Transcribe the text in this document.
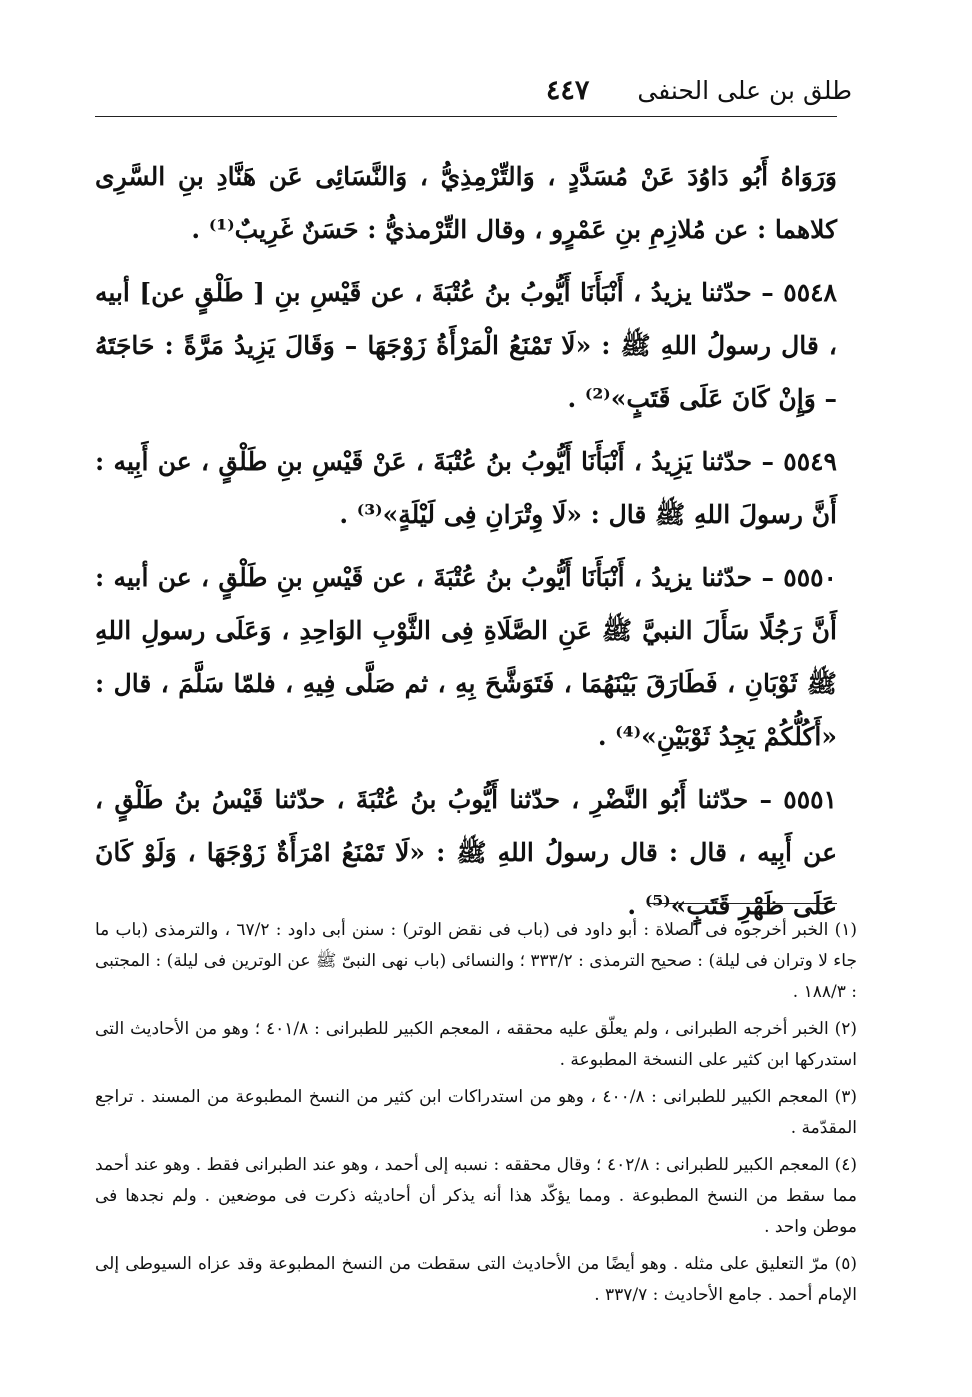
طلق بن على الحنفى
٤٤٧

وَرَوَاهُ أَبُو دَاوُدَ عَنْ مُسَدَّدٍ ، وَالتِّرْمِذِيُّ ، وَالنَّسَائِى عَن هَنَّادِ بنِ السَّرِى كلاهما : عن مُلازِمِ بنِ عَمْرٍو ، وقال التِّرْمذيُّ : حَسَنٌ غَرِيبٌ⁽¹⁾ .

٥٥٤٨ – حدّثنا يزيدُ ، أَنْبَأَنَا أَيُّوبُ بنُ عُتْبَةَ ، عن قَيْسِ بنِ [ طَلْقٍ عن] أبيه ، قال رسولُ اللهِ ﷺ : «لَا تَمْنَعُ الْمَرْأَةُ زَوْجَهَا – وَقَالَ يَزِيدُ مَرَّةً : حَاجَتَهُ – وَإِنْ كَانَ عَلَى قَتَبٍ»⁽²⁾ .

٥٥٤٩ – حدّثنا يَزِيدُ ، أَنْبَأَنَا أَيُّوبُ بنُ عُتْبَةَ ، عَنْ قَيْسِ بنِ طَلْقٍ ، عن أَبِيه : أَنَّ رسولَ اللهِ ﷺ قال : «لَا وِتْرَانِ فِى لَيْلَةٍ»⁽³⁾ .

٥٥٥٠ – حدّثنا يزيدُ ، أَنْبَأَنَا أَيُّوبُ بنُ عُتْبَةَ ، عن قَيْسِ بنِ طَلْقٍ ، عن أبيه : أَنَّ رَجُلًا سَأَلَ النبيَّ ﷺ عَنِ الصَّلَاةِ فِى الثَّوْبِ الوَاحِدِ ، وَعَلَى رسولِ اللهِ ﷺ ثَوْبَانِ ، فَطَارَقَ بَيْنَهُمَا ، فَتَوَشَّحَ بِهِ ، ثم صَلَّى فِيهِ ، فلمّا سَلَّمَ ، قال : «أَكُلُّكُمْ يَجِدُ ثَوْبَيْنِ»⁽⁴⁾ .

٥٥٥١ – حدّثنا أَبُو النَّضْرِ ، حدّثنا أَيُّوبُ بنُ عُتْبَةَ ، حدّثنا قَيْسُ بنُ طَلْقٍ ، عن أَبِيه ، قال : قال رسولُ اللهِ ﷺ : «لَا تَمْنَعُ امْرَأَةٌ زَوْجَهَا ، وَلَوْ كَانَ عَلَى ظَهْرِ قَتَبٍ»⁽⁵⁾ .

(١) الخبر أخرجوه فى الصلاة : أبو داود فى (باب فى نقض الوتر) : سنن أبى داود : ٦٧/٢ ، والترمذى (باب ما جاء لا وتران فى ليلة) : صحيح الترمذى : ٣٣٣/٢ ؛ والنسائى (باب نهى النبىّ ﷺ عن الوترين فى ليلة) : المجتبى : ١٨٨/٣ .

(٢) الخبر أخرجه الطبرانى ، ولم يعلّق عليه محققه ، المعجم الكبير للطبرانى : ٤٠١/٨ ؛ وهو من الأحاديث التى استدركها ابن كثير على النسخة المطبوعة .

(٣) المعجم الكبير للطبرانى : ٤٠٠/٨ ، وهو من استدراكات ابن كثير من النسخ المطبوعة من المسند . تراجع المقدّمة .

(٤) المعجم الكبير للطبرانى : ٤٠٢/٨ ؛ وقال محققه : نسبه إلى أحمد ، وهو عند الطبرانى فقط . وهو عند أحمد مما سقط من النسخ المطبوعة . ومما يؤكّد هذا أنه يذكر أن أحاديثه ذكرت فى موضعين . ولم نجدها فى موطن واحد .

(٥) مرّ التعليق على مثله . وهو أيضًا من الأحاديث التى سقطت من النسخ المطبوعة وقد عزاه السيوطى إلى الإمام أحمد . جامع الأحاديث : ٣٣٧/٧ .
